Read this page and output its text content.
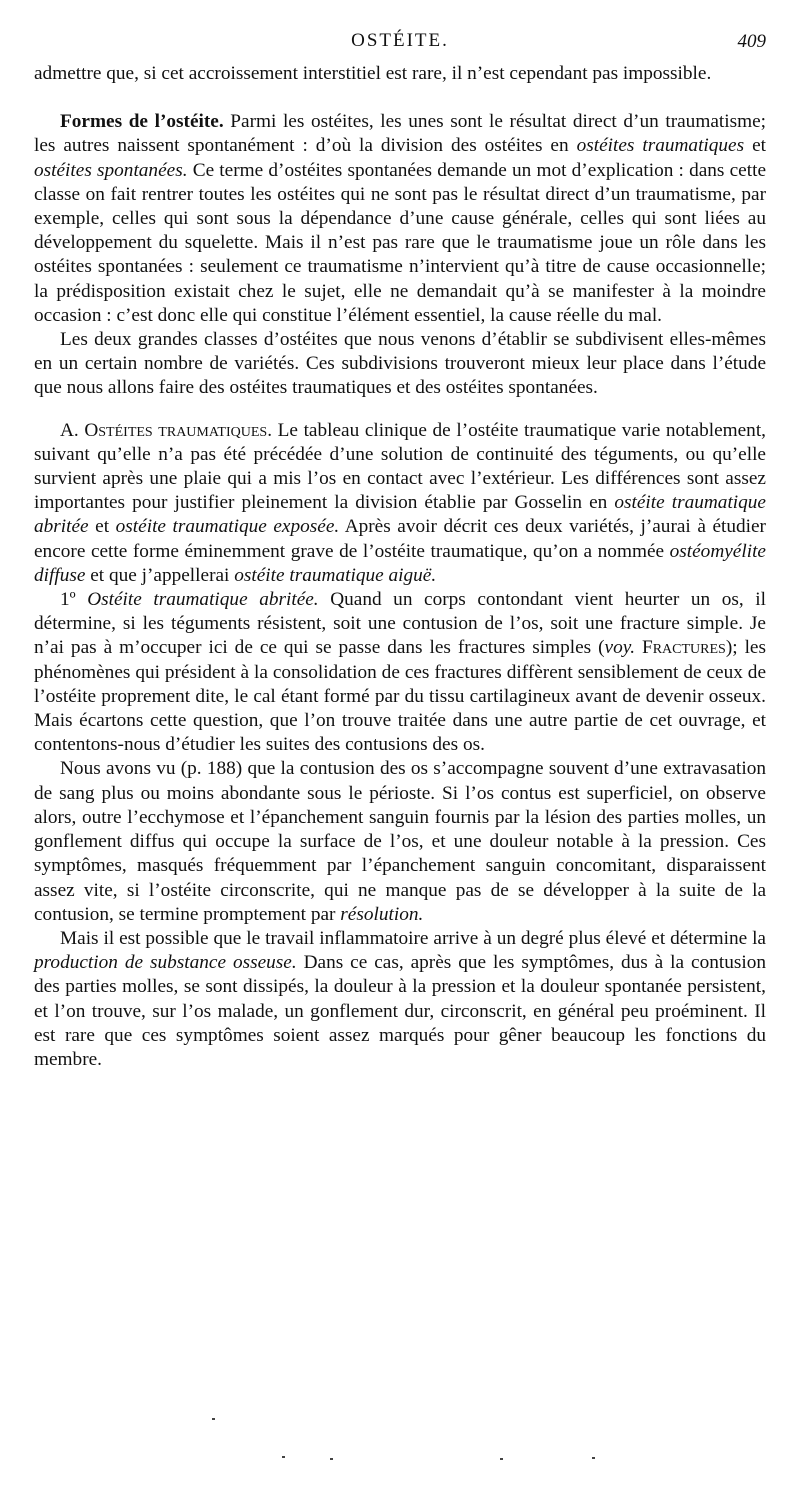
OSTÉITE.	409

admettre que, si cet accroissement interstitiel est rare, il n’est cependant pas impossible.

Formes de l’ostéite. Parmi les ostéites, les unes sont le résultat direct d’un traumatisme; les autres naissent spontanément : d’où la division des ostéites en ostéites traumatiques et ostéites spontanées. Ce terme d’ostéites spontanées demande un mot d’explication : dans cette classe on fait rentrer toutes les ostéites qui ne sont pas le résultat direct d’un traumatisme, par exemple, celles qui sont sous la dépendance d’une cause générale, celles qui sont liées au développement du squelette. Mais il n’est pas rare que le traumatisme joue un rôle dans les ostéites spontanées : seulement ce traumatisme n’intervient qu’à titre de cause occasionnelle; la prédisposition existait chez le sujet, elle ne demandait qu’à se manifester à la moindre occasion : c’est donc elle qui constitue l’élément essentiel, la cause réelle du mal.

Les deux grandes classes d’ostéites que nous venons d’établir se subdivisent elles-mêmes en un certain nombre de variétés. Ces subdivisions trouveront mieux leur place dans l’étude que nous allons faire des ostéites traumatiques et des ostéites spontanées.

A. Ostéites traumatiques. Le tableau clinique de l’ostéite traumatique varie notablement, suivant qu’elle n’a pas été précédée d’une solution de continuité des téguments, ou qu’elle survient après une plaie qui a mis l’os en contact avec l’extérieur. Les différences sont assez importantes pour justifier pleinement la division établie par Gosselin en ostéite traumatique abritée et ostéite traumatique exposée. Après avoir décrit ces deux variétés, j’aurai à étudier encore cette forme éminemment grave de l’ostéite traumatique, qu’on a nommée ostéomyélite diffuse et que j’appellerai ostéite traumatique aiguë.

1º Ostéite traumatique abritée. Quand un corps contondant vient heurter un os, il détermine, si les téguments résistent, soit une contusion de l’os, soit une fracture simple. Je n’ai pas à m’occuper ici de ce qui se passe dans les fractures simples (voy. Fractures); les phénomènes qui président à la consolidation de ces fractures diffèrent sensiblement de ceux de l’ostéite proprement dite, le cal étant formé par du tissu cartilagineux avant de devenir osseux. Mais écartons cette question, que l’on trouve traitée dans une autre partie de cet ouvrage, et contentons-nous d’étudier les suites des contusions des os.

Nous avons vu (p. 188) que la contusion des os s’accompagne souvent d’une extravasation de sang plus ou moins abondante sous le périoste. Si l’os contus est superficiel, on observe alors, outre l’ecchymose et l’épanchement sanguin fournis par la lésion des parties molles, un gonflement diffus qui occupe la surface de l’os, et une douleur notable à la pression. Ces symptômes, masqués fréquemment par l’épanchement sanguin concomitant, disparaissent assez vite, si l’ostéite circonscrite, qui ne manque pas de se développer à la suite de la contusion, se termine promptement par résolution.

Mais il est possible que le travail inflammatoire arrive à un degré plus élevé et détermine la production de substance osseuse. Dans ce cas, après que les symptômes, dus à la contusion des parties molles, se sont dissipés, la douleur à la pression et la douleur spontanée persistent, et l’on trouve, sur l’os malade, un gonflement dur, circonscrit, en général peu proéminent. Il est rare que ces symptômes soient assez marqués pour gêner beaucoup les fonctions du membre.
